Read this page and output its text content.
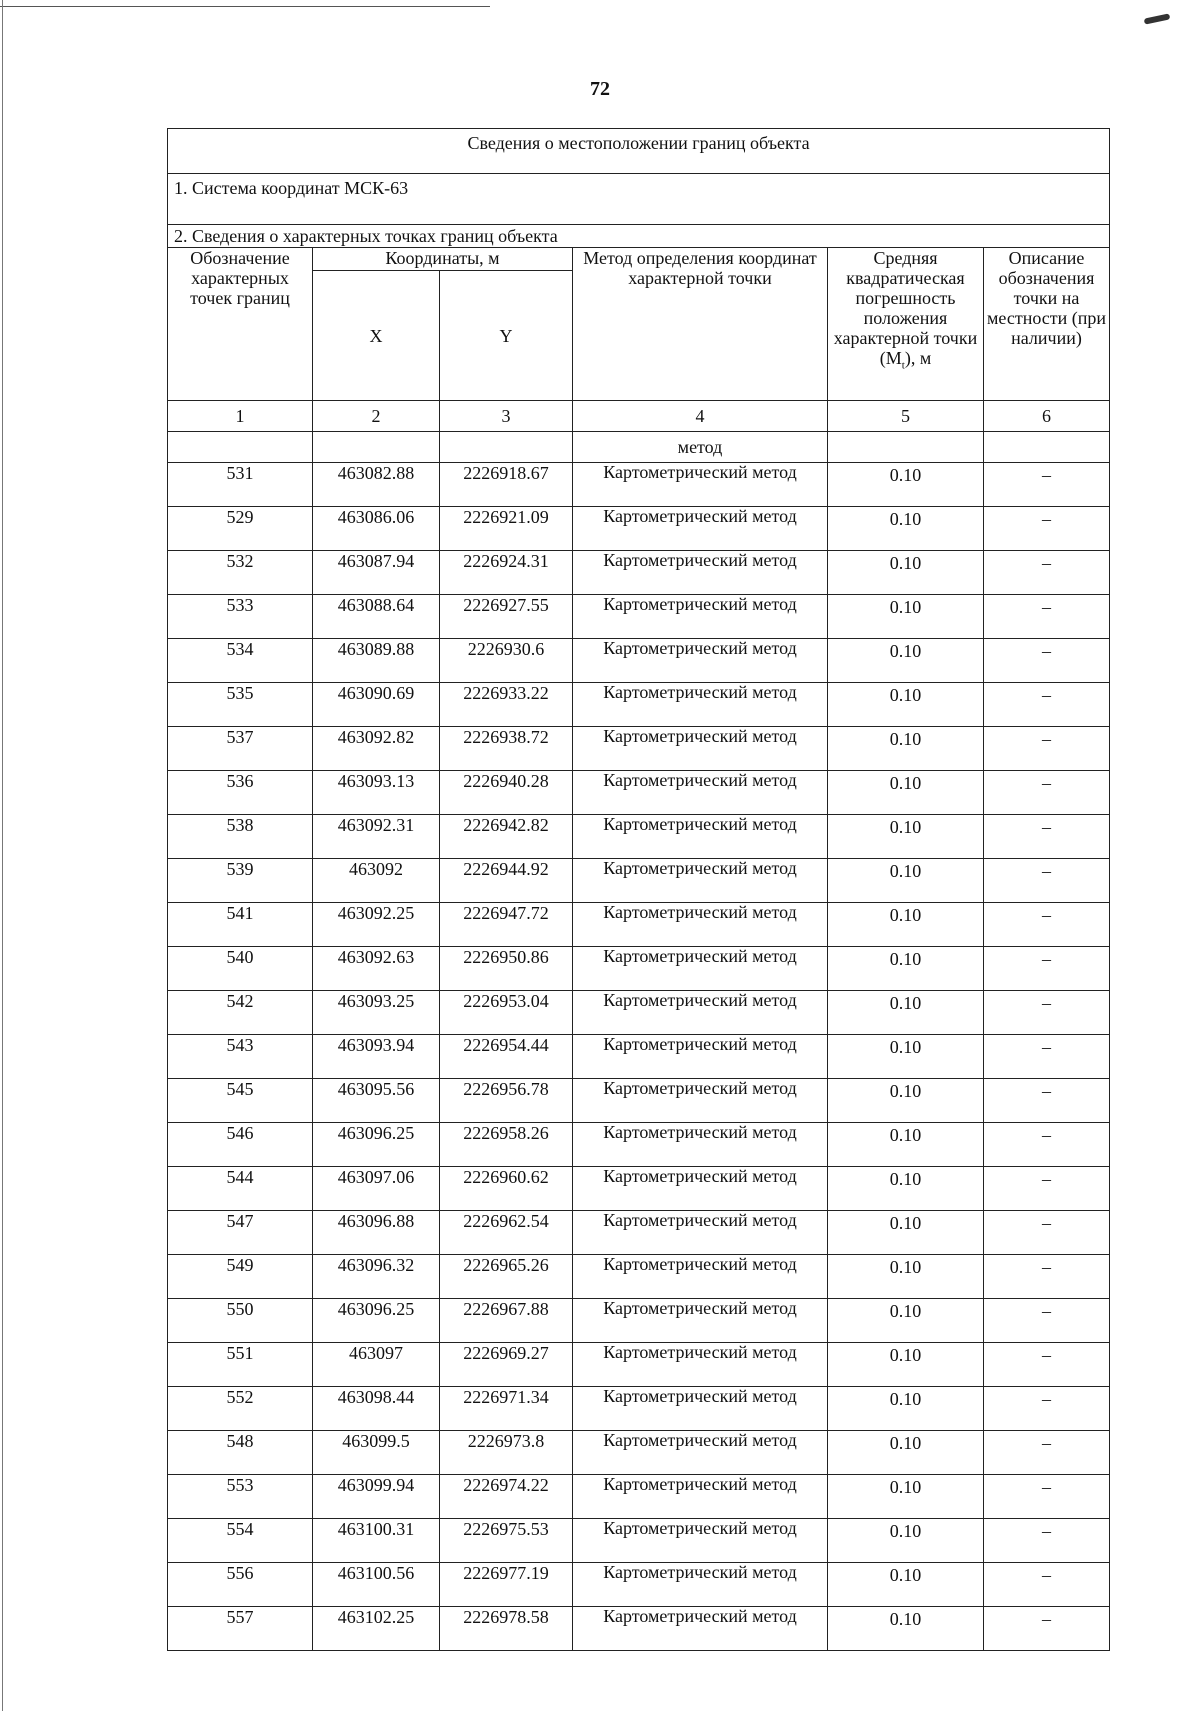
72
Сведения о местоположении границ объекта					
1. Система координат МСК-63					
2. Сведения о характерных точках границ объекта					
Обозначение характерных точек границ	Координаты, м		Метод определения координат характерной точки	Средняя квадратическая погрешность положения характерной точки $(M_t)$, м	Описание обозначения точки на местности (при наличии)
	X	Y			
1	2	3	4	5	6
			метод		
531	463082.88	2226918.67	Картометрический метод	0.10	–
529	463086.06	2226921.09	Картометрический метод	0.10	–
532	463087.94	2226924.31	Картометрический метод	0.10	–
533	463088.64	2226927.55	Картометрический метод	0.10	–
534	463089.88	2226930.6	Картометрический метод	0.10	–
535	463090.69	2226933.22	Картометрический метод	0.10	–
537	463092.82	2226938.72	Картометрический метод	0.10	–
536	463093.13	2226940.28	Картометрический метод	0.10	–
538	463092.31	2226942.82	Картометрический метод	0.10	–
539	463092	2226944.92	Картометрический метод	0.10	–
541	463092.25	2226947.72	Картометрический метод	0.10	–
540	463092.63	2226950.86	Картометрический метод	0.10	–
542	463093.25	2226953.04	Картометрический метод	0.10	–
543	463093.94	2226954.44	Картометрический метод	0.10	–
545	463095.56	2226956.78	Картометрический метод	0.10	–
546	463096.25	2226958.26	Картометрический метод	0.10	–
544	463097.06	2226960.62	Картометрический метод	0.10	–
547	463096.88	2226962.54	Картометрический метод	0.10	–
549	463096.32	2226965.26	Картометрический метод	0.10	–
550	463096.25	2226967.88	Картометрический метод	0.10	–
551	463097	2226969.27	Картометрический метод	0.10	–
552	463098.44	2226971.34	Картометрический метод	0.10	–
548	463099.5	2226973.8	Картометрический метод	0.10	–
553	463099.94	2226974.22	Картометрический метод	0.10	–
554	463100.31	2226975.53	Картометрический метод	0.10	–
556	463100.56	2226977.19	Картометрический метод	0.10	–
557	463102.25	2226978.58	Картометрический метод	0.10	–
